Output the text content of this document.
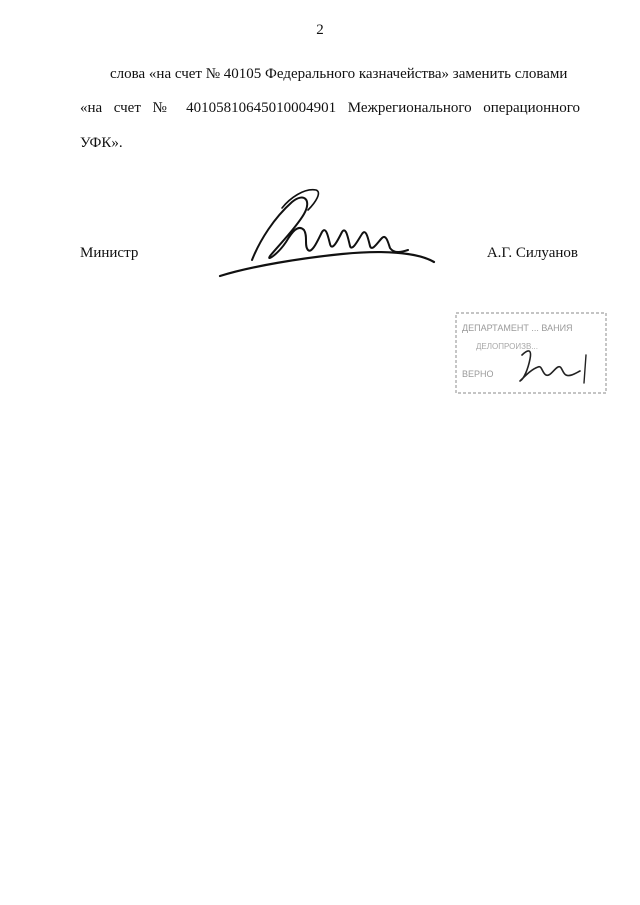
2
слова «на счет № 40105 Федерального казначейства» заменить словами
«на счет № 40105810645010004901 Межрегионального операционного
УФК».
Министр	А.Г. Силуанов
ДЕПАРТАМЕНТ ... ВАНИЯ
ДЕЛОПРОИЗВ...
ВЕРНО
